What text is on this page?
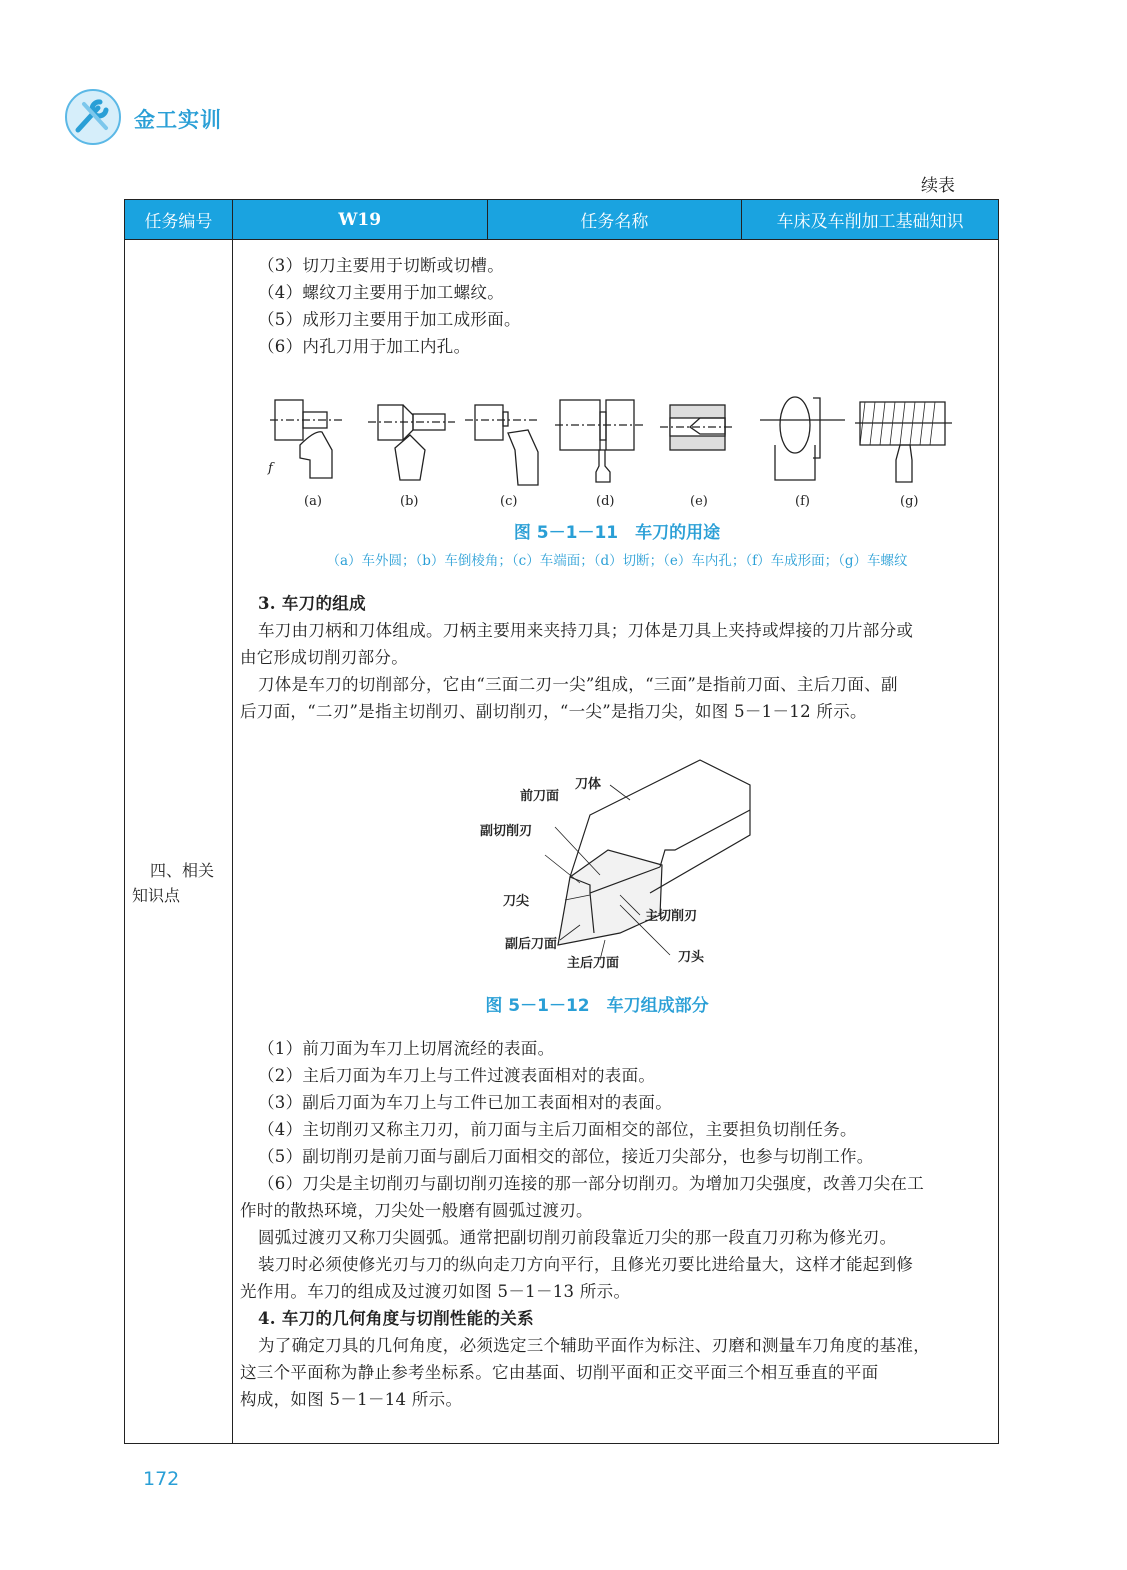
金工实训
续表
任务编号	W19	任务名称	车床及车削加工基础知识
四、相关知识点
（3）切刀主要用于切断或切槽。
（4）螺纹刀主要用于加工螺纹。
（5）成形刀主要用于加工成形面。
（6）内孔刀用于加工内孔。
(a)	(b)	(c)	(d)	(e)	(f)	(g)
f
图 5－1－11　车刀的用途
（a）车外圆；（b）车倒棱角；（c）车端面；（d）切断；（e）车内孔；（f）车成形面；（g）车螺纹
3. 车刀的组成
车刀由刀柄和刀体组成。刀柄主要用来夹持刀具；刀体是刀具上夹持或焊接的刀片部分或
由它形成切削刃部分。
刀体是车刀的切削部分，它由“三面二刃一尖”组成，“三面”是指前刀面、主后刀面、副
后刀面，“二刃”是指主切削刃、副切削刃，“一尖”是指刀尖，如图 5－1－12 所示。
刀体
前刀面
副切削刃
刀尖
主切削刃
副后刀面
主后刀面	刀头
图 5－1－12　车刀组成部分
（1）前刀面为车刀上切屑流经的表面。
（2）主后刀面为车刀上与工件过渡表面相对的表面。
（3）副后刀面为车刀上与工件已加工表面相对的表面。
（4）主切削刃又称主刀刃，前刀面与主后刀面相交的部位，主要担负切削任务。
（5）副切削刃是前刀面与副后刀面相交的部位，接近刀尖部分，也参与切削工作。
（6）刀尖是主切削刃与副切削刃连接的那一部分切削刃。为增加刀尖强度，改善刀尖在工
作时的散热环境，刀尖处一般磨有圆弧过渡刃。
圆弧过渡刃又称刀尖圆弧。通常把副切削刃前段靠近刀尖的那一段直刀刃称为修光刃。
装刀时必须使修光刃与刀的纵向走刀方向平行，且修光刃要比进给量大，这样才能起到修
光作用。车刀的组成及过渡刃如图 5－1－13 所示。
4. 车刀的几何角度与切削性能的关系
为了确定刀具的几何角度，必须选定三个辅助平面作为标注、刃磨和测量车刀角度的基准，
这三个平面称为静止参考坐标系。它由基面、切削平面和正交平面三个相互垂直的平面
构成，如图 5－1－14 所示。
172
